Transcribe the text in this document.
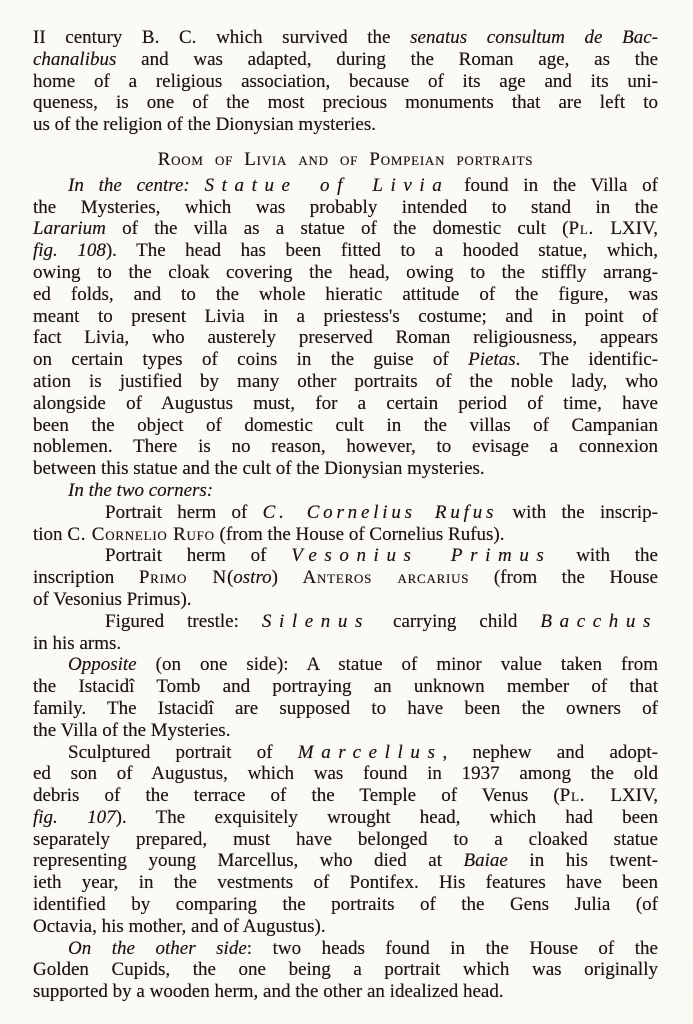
II century B. C. which survived the senatus consultum de Bac-
chanalibus and was adapted, during the Roman age, as the
home of a religious association, because of its age and its uni-
queness, is one of the most precious monuments that are left to
us of the religion of the Dionysian mysteries.
Room of Livia and of Pompeian portraits
In the centre: Statue of Livia found in the Villa of
the Mysteries, which was probably intended to stand in the
Lararium of the villa as a statue of the domestic cult (Pl. LXIV,
fig. 108). The head has been fitted to a hooded statue, which,
owing to the cloak covering the head, owing to the stiffly arrang-
ed folds, and to the whole hieratic attitude of the figure, was
meant to present Livia in a priestess's costume; and in point of
fact Livia, who austerely preserved Roman religiousness, appears
on certain types of coins in the guise of Pietas. The identific-
ation is justified by many other portraits of the noble lady, who
alongside of Augustus must, for a certain period of time, have
been the object of domestic cult in the villas of Campanian
noblemen. There is no reason, however, to evisage a connexion
between this statue and the cult of the Dionysian mysteries.
In the two corners:
Portrait herm of C. Cornelius Rufus with the inscrip-
tion C. Cornelio Rufo (from the House of Cornelius Rufus).
Portrait herm of Vesonius Primus with the
inscription Primo N(ostro) Anteros arcarius (from the House
of Vesonius Primus).
Figured trestle: Silenus carrying child Bacchus
in his arms.
Opposite (on one side): A statue of minor value taken from
the Istacidî Tomb and portraying an unknown member of that
family. The Istacidî are supposed to have been the owners of
the Villa of the Mysteries.
Sculptured portrait of Marcellus, nephew and adopt-
ed son of Augustus, which was found in 1937 among the old
debris of the terrace of the Temple of Venus (Pl. LXIV,
fig. 107). The exquisitely wrought head, which had been
separately prepared, must have belonged to a cloaked statue
representing young Marcellus, who died at Baiae in his twent-
ieth year, in the vestments of Pontifex. His features have been
identified by comparing the portraits of the Gens Julia (of
Octavia, his mother, and of Augustus).
On the other side: two heads found in the House of the
Golden Cupids, the one being a portrait which was originally
supported by a wooden herm, and the other an idealized head.
